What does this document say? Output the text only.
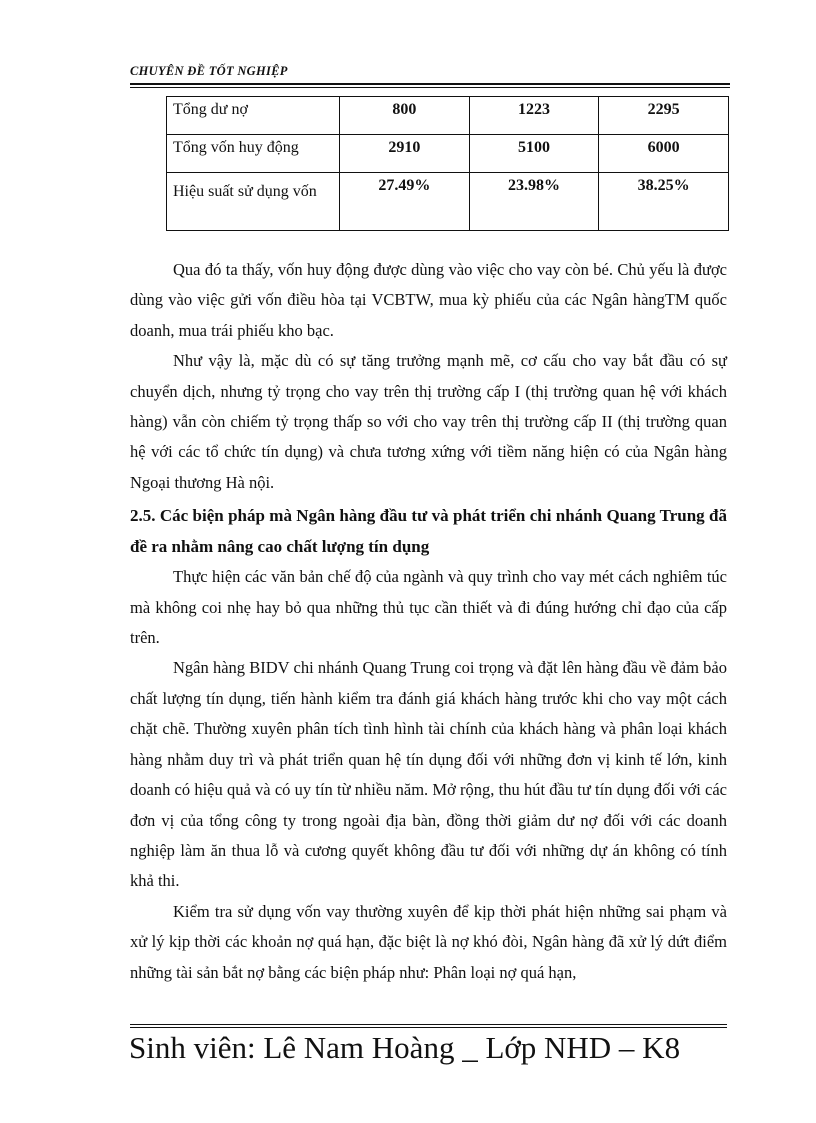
CHUYÊN ĐỀ TỐT NGHIỆP
Tổng dư nợ	800	1223	2295
Tổng vốn huy động	2910	5100	6000
Hiệu suất sử dụng vốn	27.49%	23.98%	38.25%

Qua đó ta thấy, vốn huy động được dùng vào việc cho vay còn bé. Chủ yếu là được dùng vào việc gửi vốn điều hòa tại VCBTW, mua kỳ phiếu của các Ngân hàngTM quốc doanh, mua trái phiếu kho bạc.

Như vậy là, mặc dù có sự tăng trưởng mạnh mẽ, cơ cấu cho vay bắt đầu có sự chuyển dịch, nhưng tỷ trọng cho vay trên thị trường cấp I (thị trường quan hệ với khách hàng) vẫn còn chiếm tỷ trọng thấp so với cho vay trên thị trường cấp II (thị trường quan hệ với các tổ chức tín dụng) và chưa tương xứng với tiềm năng hiện có của Ngân hàng Ngoại thương Hà nội.

2.5. Các biện pháp mà Ngân hàng đầu tư và phát triển chi nhánh Quang Trung đã đề ra nhằm nâng cao chất lượng tín dụng

Thực hiện các văn bản chế độ của ngành và quy trình cho vay mét cách nghiêm túc mà không coi nhẹ hay bỏ qua những thủ tục cần thiết và đi đúng hướng chỉ đạo của cấp trên.

Ngân hàng BIDV chi nhánh Quang Trung coi trọng và đặt lên hàng đầu về đảm bảo chất lượng tín dụng, tiến hành kiểm tra đánh giá khách hàng trước khi cho vay một cách chặt chẽ. Thường xuyên phân tích tình hình tài chính của khách hàng và phân loại khách hàng nhằm duy trì và phát triển quan hệ tín dụng đối với những đơn vị kinh tế lớn, kinh doanh có hiệu quả và có uy tín từ nhiều năm. Mở rộng, thu hút đầu tư tín dụng đối với các đơn vị của tổng công ty trong ngoài địa bàn, đồng thời giảm dư nợ đối với các doanh nghiệp làm ăn thua lỗ và cương quyết không đầu tư đối với những dự án không có tính khả thi.

Kiểm tra sử dụng vốn vay thường xuyên để kịp thời phát hiện những sai phạm và xử lý kịp thời các khoản nợ quá hạn, đặc biệt là nợ khó đòi, Ngân hàng đã xử lý dứt điểm những tài sản bắt nợ bằng các biện pháp như: Phân loại nợ quá hạn,

Sinh viên: Lê Nam Hoàng _ Lớp NHD – K8
